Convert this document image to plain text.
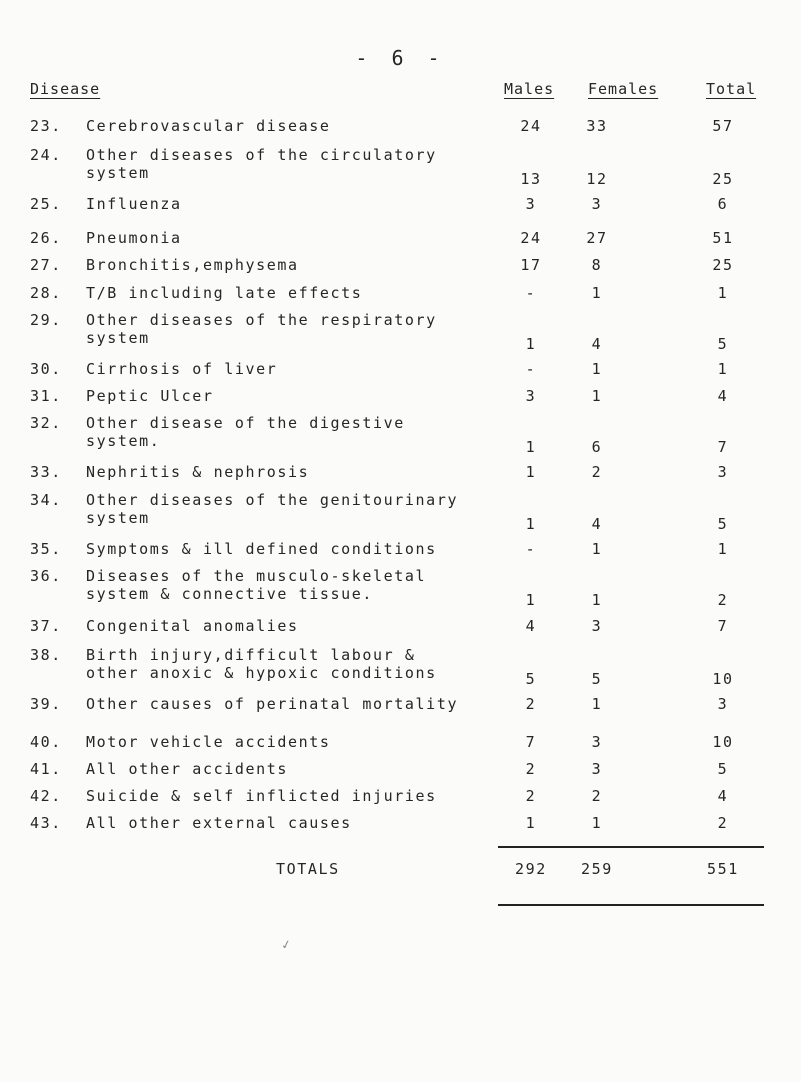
- 6 -
Disease	Males Females	Total
23. Cerebrovascular disease	24	33	57
24. Other diseases of the circulatory
system	13	12	25
25. Influenza	3	3	6
26. Pneumonia	24	27	51
27. Bronchitis,emphysema	17	8	25
28. T/B including late effects	-	1	1
29. Other diseases of the respiratory
system	1	4	5
30. Cirrhosis of liver	-	1	1
31. Peptic Ulcer	3	1	4
32. Other disease of the digestive
system.	1	6	7
33. Nephritis & nephrosis	1	2	3
34. Other diseases of the genitourinary
system	1	4	5
35. Symptoms & ill defined conditions	-	1	1
36. Diseases of the musculo-skeletal
system & connective tissue.	1	1	2
37. Congenital anomalies	4	3	7
38. Birth injury,difficult labour &
other anoxic & hypoxic conditions	5	5	10
39. Other causes of perinatal mortality	2	1	3
40. Motor vehicle accidents	7	3	10
41. All other accidents	2	3	5
42. Suicide & self inflicted injuries	2	2	4
43. All other external causes	1	1	2
TOTALS	292 259	551
✓
